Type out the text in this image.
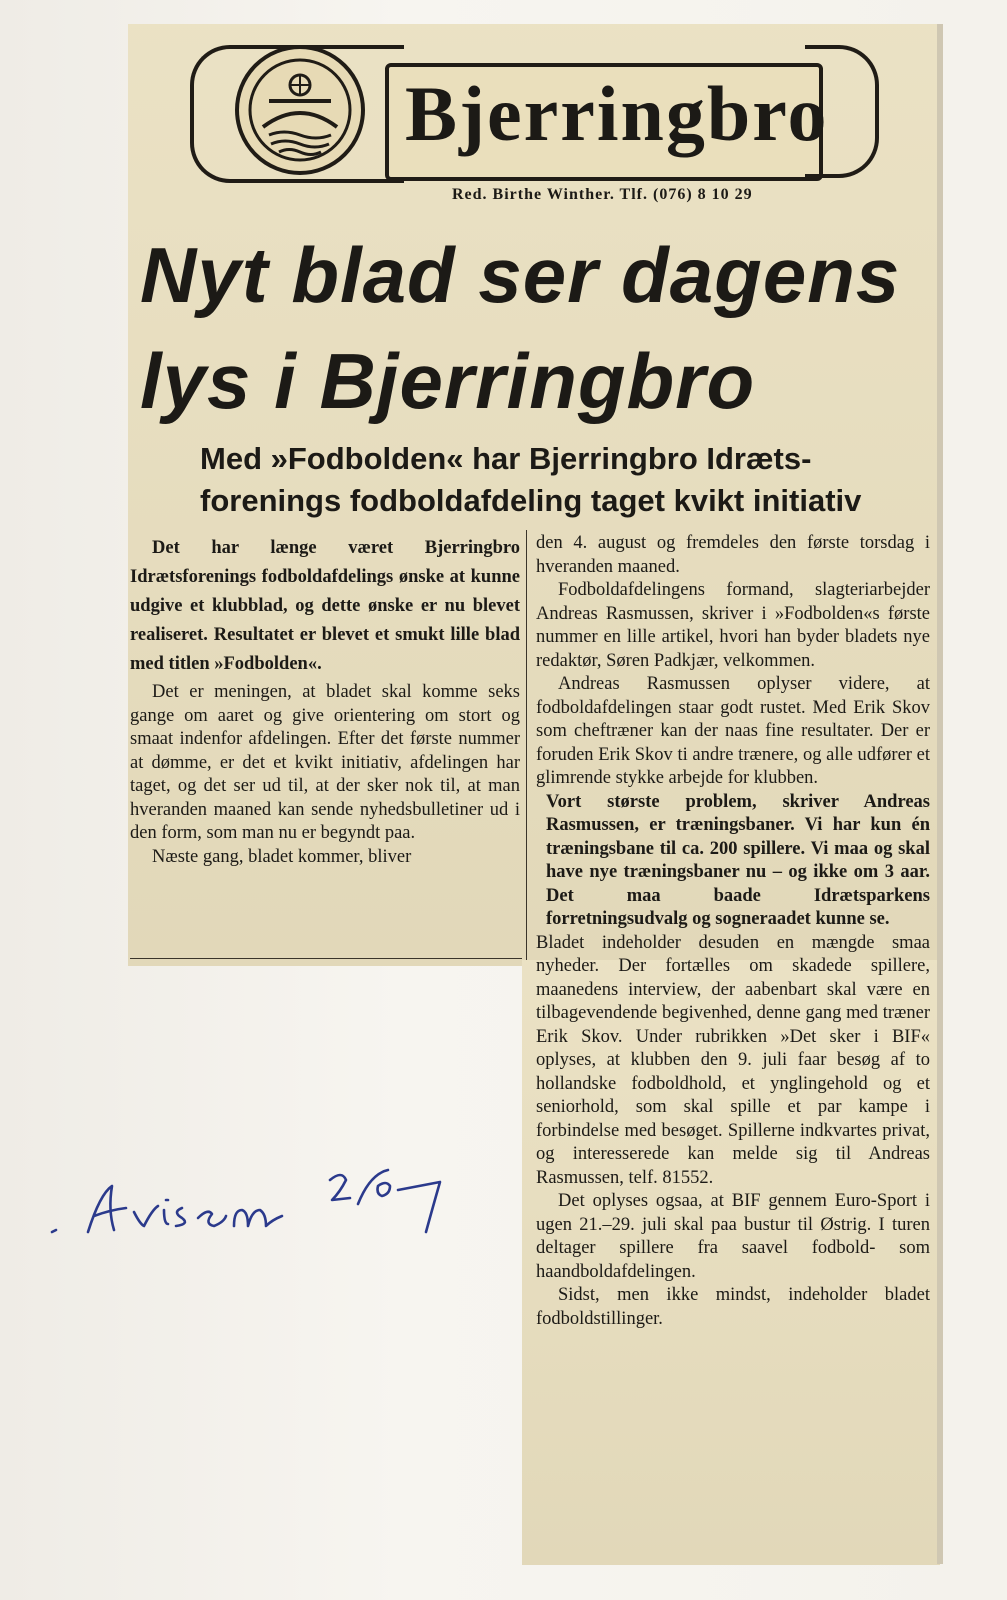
Bjerringbro
Red. Birthe Winther. Tlf. (076) 8 10 29
Nyt blad ser dagens
lys i Bjerringbro
Med »Fodbolden« har Bjerringbro Idræts-
forenings fodboldafdeling taget kvikt initiativ

Det har længe været Bjerringbro Idrætsforenings fodboldafdelings ønske at kunne udgive et klubblad, og dette ønske er nu blevet realiseret. Resultatet er blevet et smukt lille blad med titlen »Fodbolden«.

Det er meningen, at bladet skal komme seks gange om aaret og give orientering om stort og smaat indenfor afdelingen. Efter det første nummer at dømme, er det et kvikt initiativ, afdelingen har taget, og det ser ud til, at der sker nok til, at man hveranden maaned kan sende nyhedsbulletiner ud i den form, som man nu er begyndt paa.

Næste gang, bladet kommer, bliver

den 4. august og fremdeles den første torsdag i hveranden maaned.

Fodboldafdelingens formand, slagteriarbejder Andreas Rasmussen, skriver i »Fodbolden«s første nummer en lille artikel, hvori han byder bladets nye redaktør, Søren Padkjær, velkommen.

Andreas Rasmussen oplyser videre, at fodboldafdelingen staar godt rustet. Med Erik Skov som cheftræner kan der naas fine resultater. Der er foruden Erik Skov ti andre trænere, og alle udfører et glimrende stykke arbejde for klubben.

Vort største problem, skriver Andreas Rasmussen, er træningsbaner. Vi har kun én træningsbane til ca. 200 spillere. Vi maa og skal have nye træningsbaner nu – og ikke om 3 aar. Det maa baade Idrætsparkens forretningsudvalg og sogneraadet kunne se.

Bladet indeholder desuden en mængde smaa nyheder. Der fortælles om skadede spillere, maanedens interview, der aabenbart skal være en tilbagevendende begivenhed, denne gang med træner Erik Skov. Under rubrikken »Det sker i BIF« oplyses, at klubben den 9. juli faar besøg af to hollandske fodboldhold, et ynglingehold og et seniorhold, som skal spille et par kampe i forbindelse med besøget. Spillerne indkvartes privat, og interesserede kan melde sig til Andreas Rasmussen, telf. 81552.

Det oplyses ogsaa, at BIF gennem Euro-Sport i ugen 21.–29. juli skal paa bustur til Østrig. I turen deltager spillere fra saavel fodbold- som haandboldafdelingen.

Sidst, men ikke mindst, indeholder bladet fodboldstillinger.
